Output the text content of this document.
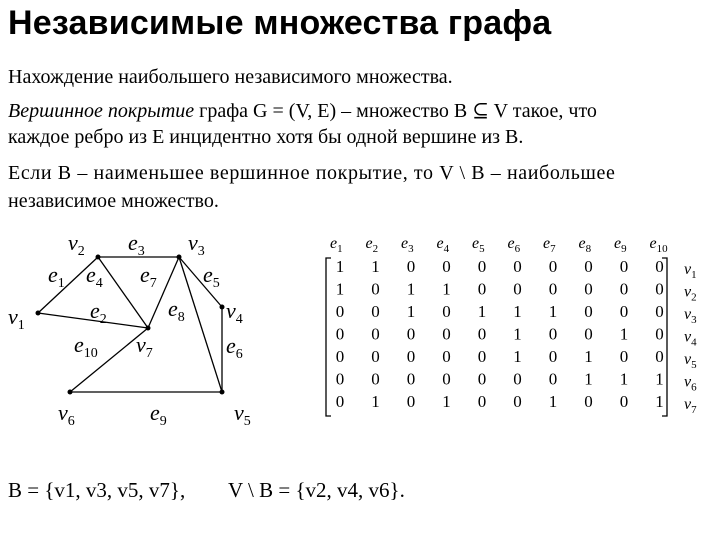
Независимые множества графа
Нахождение наибольшего независимого множества.
Вершинное покрытие графа G = (V, E) – множество B ⊆ V такое, что
каждое ребро из E инцидентно хотя бы одной вершине из B.
Если B – наименьшее вершинное покрытие, то V \ B – наибольшее
независимое множество.
$v_1$
$v_2$	$v_3$
$v_4$
$v_5$
$v_6$
$v_7$
$e_1$
$e_2$
$e_3$
$e_4$	$e_5$
$e_6$
$e_7$
$e_8$
$e_9$
$e_{10}$
$e_1$ $e_2$ $e_3$ $e_4$ $e_5$ $e_6$ $e_7$ $e_8$ $e_9$ $e_{10}$
1 1 0 0 0 0 0 0 0 0
1 0 1 1 0 0 0 0 0 0
0 0 1 0 1 1 1 0 0 0
0 0 0 0 0 1 0 0 1 0
0 0 0 0 0 1 0 1 0 0
0 0 0 0 0 0 0 1 1 1
0 1 0 1 0 0 1 0 0 1
$v_1$
$v_2$
$v_3$
$v_4$
$v_5$
$v_6$
$v_7$
B = {v1, v3, v5, v7}, V \ B = {v2, v4, v6}.
